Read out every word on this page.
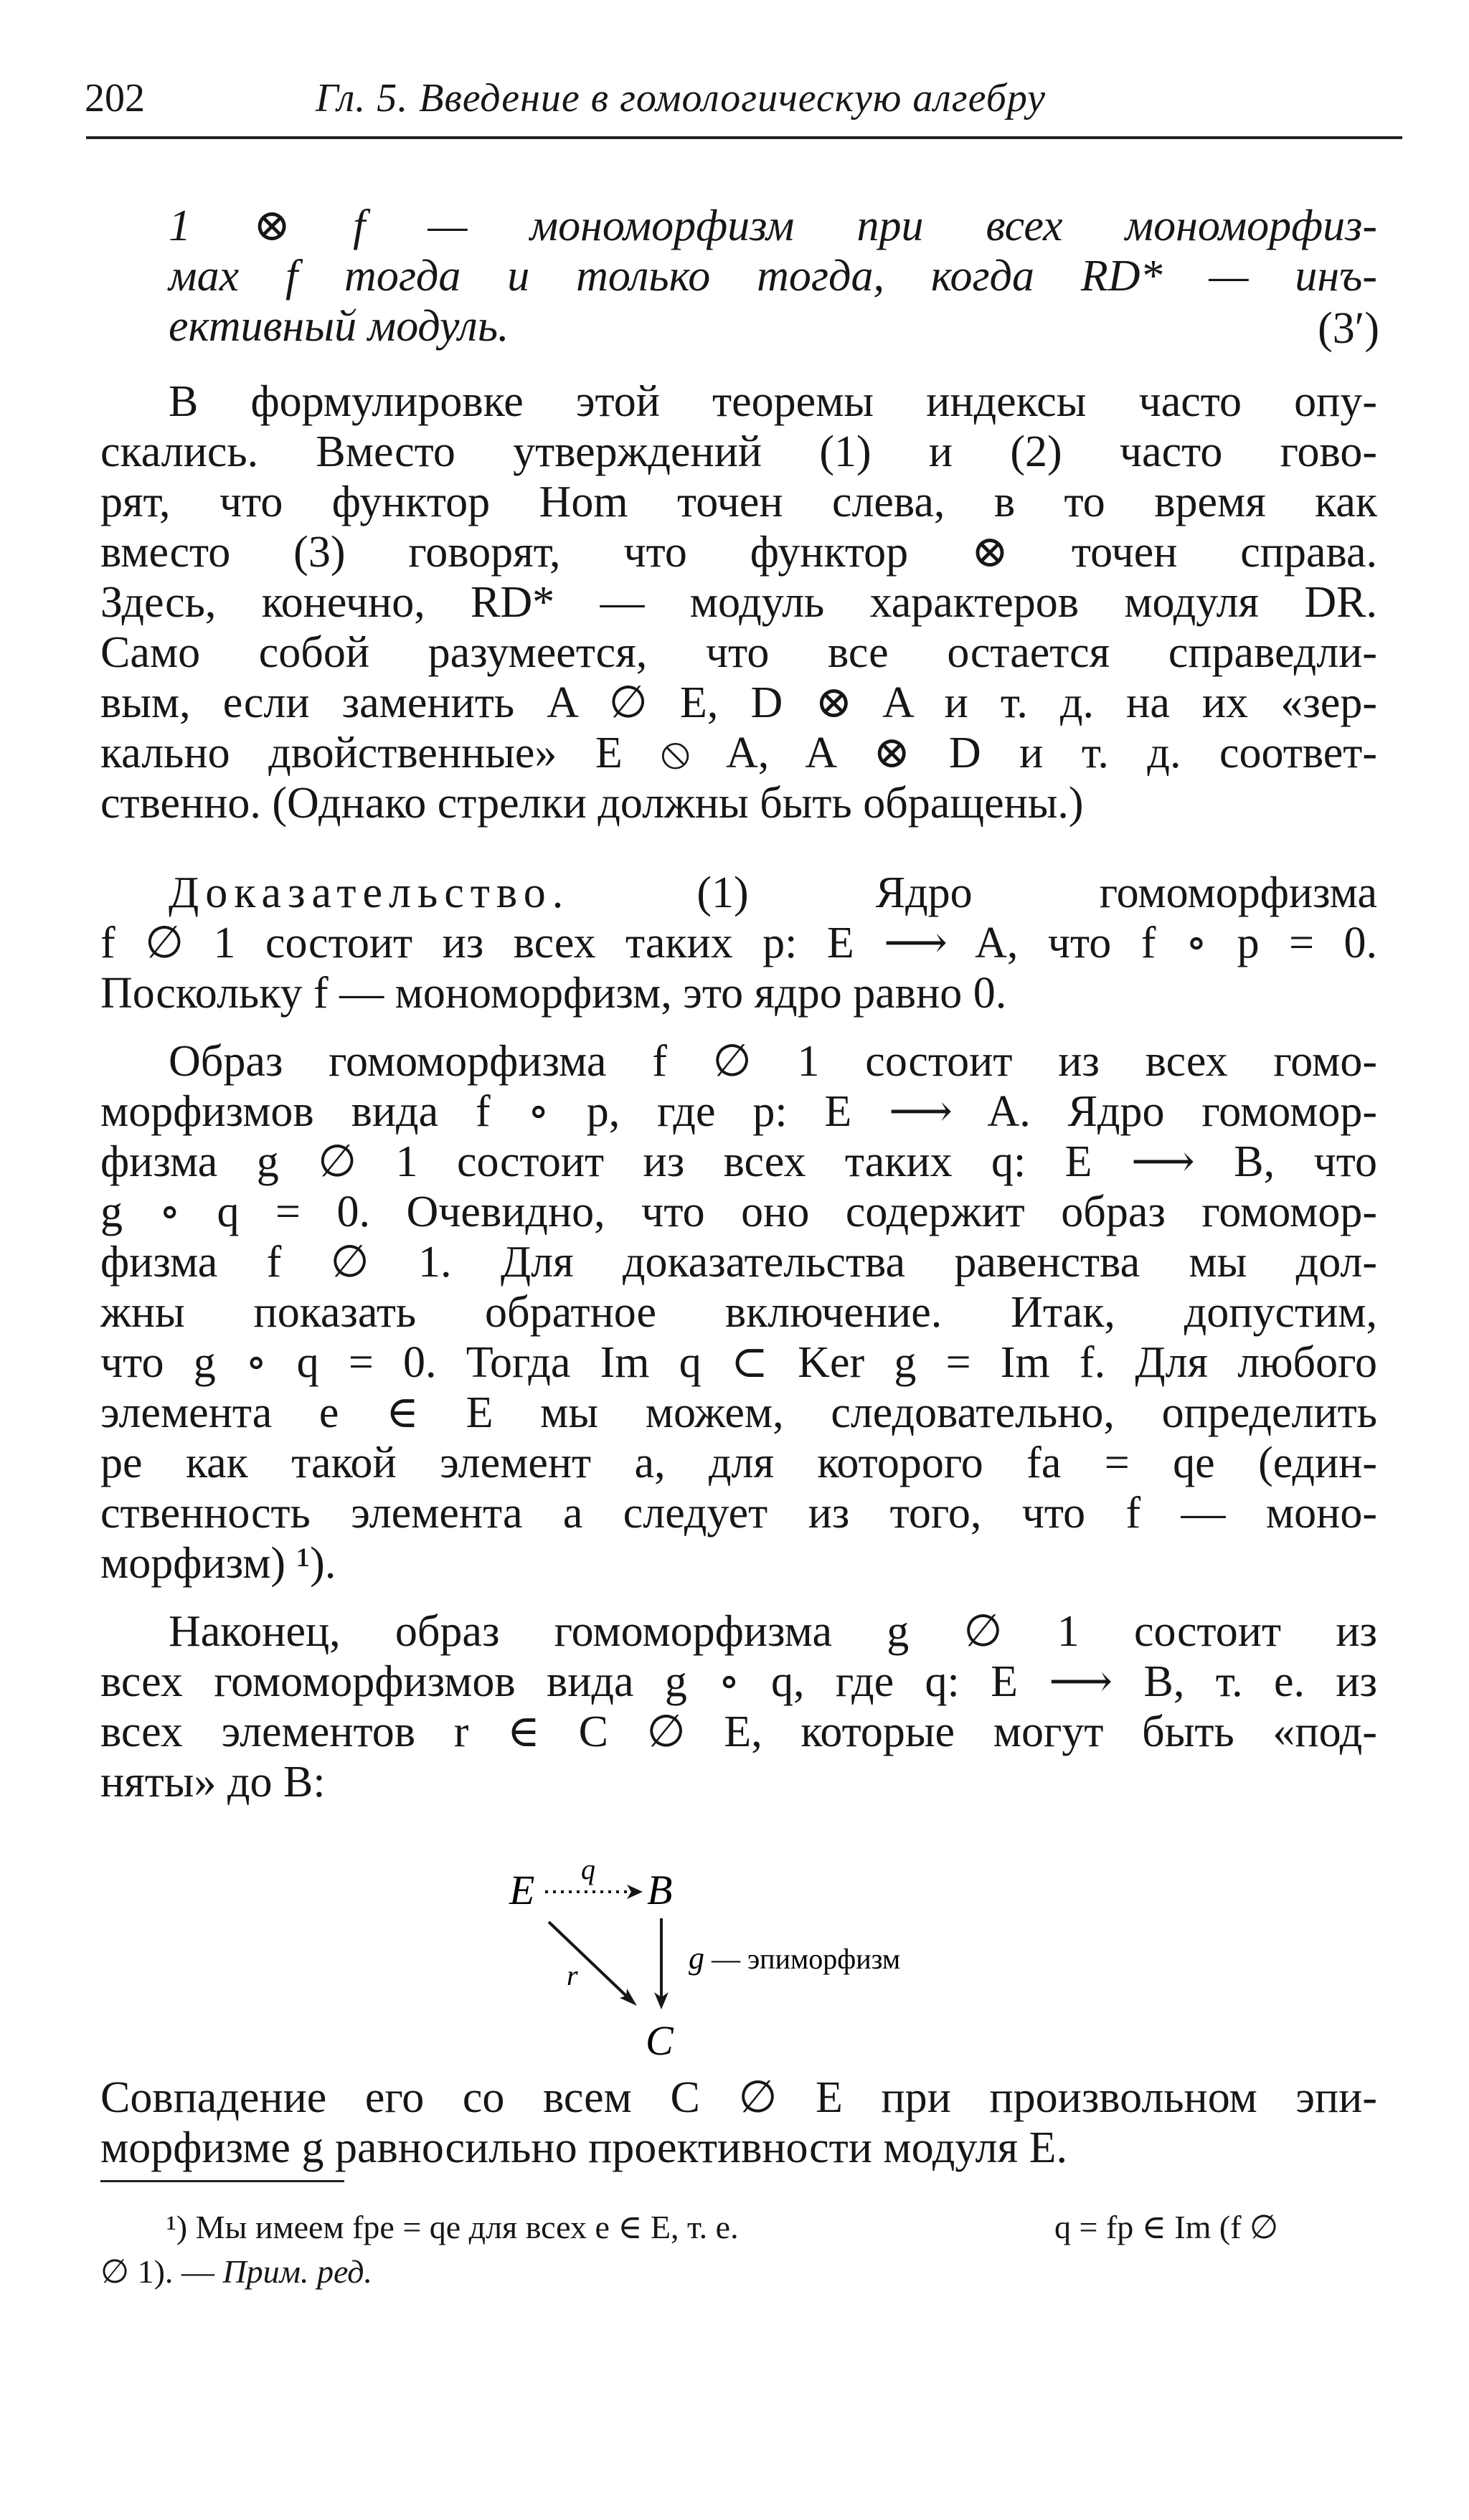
202	Гл. 5. Введение в гомологическую алгебру
1 ⊗ f — мономорфизм при всех мономорфиз-
мах f тогда и только тогда, когда RD* — инъ-
ективный модуль.	(3′)
В формулировке этой теоремы индексы часто опу-
скались. Вместо утверждений (1) и (2) часто гово-
рят, что функтор Hom точен слева, в то время как
вместо (3) говорят, что функтор ⊗ точен справа.
Здесь, конечно, RD* — модуль характеров модуля DR.
Само собой разумеется, что все остается справедли-
вым, если заменить A ∅ E, D ⊗ A и т. д. на их «зер-
кально двойственные» E ⦸ A, A ⊗ D и т. д. соответ-
ственно. (Однако стрелки должны быть обращены.)
Доказательство.	(1) Ядро гомоморфизма
f ∅ 1 состоит из всех таких p: E ⟶ A, что f ∘ p = 0.
Поскольку f — мономорфизм, это ядро равно 0.
Образ гомоморфизма f ∅ 1 состоит из всех гомо-
морфизмов вида f ∘ p, где p: E ⟶ A. Ядро гомомор-
физма g ∅ 1 состоит из всех таких q: E ⟶ B, что
g ∘ q = 0. Очевидно, что оно содержит образ гомомор-
физма f ∅ 1. Для доказательства равенства мы дол-
жны показать обратное включение. Итак, допустим,
что g ∘ q = 0. Тогда Im q ⊂ Ker g = Im f. Для любого
элемента e ∈ E мы можем, следовательно, определить
pe как такой элемент a, для которого fa = qe (един-
ственность элемента a следует из того, что f — моно-
морфизм) ¹).
Наконец, образ гомоморфизма g ∅ 1 состоит из
всех гомоморфизмов вида g ∘ q, где q: E ⟶ B, т. е. из
всех элементов r ∈ C ∅ E, которые могут быть «под-
няты» до B:
E	B
C
q
g — эпиморфизм
r
Совпадение его со всем C ∅ E при произвольном эпи-
морфизме g равносильно проективности модуля E.
¹) Мы имеем fpe = qe для всех e ∈ E, т. е.	q = fp ∈ Im (f ∅
∅ 1). — Прим. ред.
